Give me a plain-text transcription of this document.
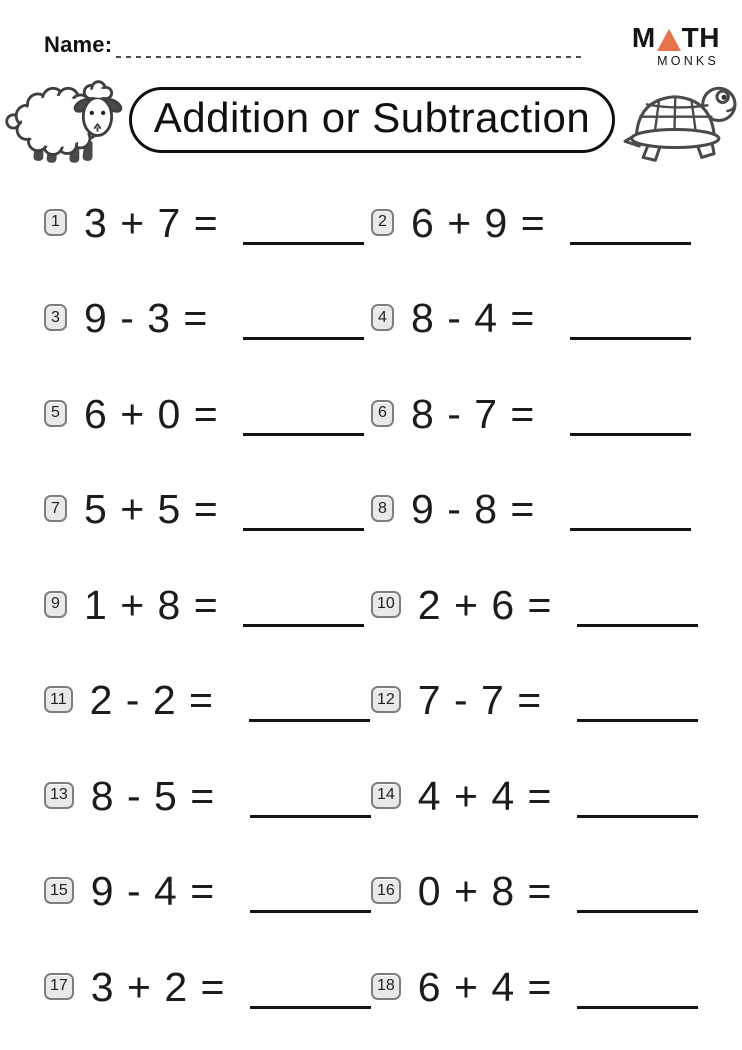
Name:	M TH
MONKS
Addition or Subtraction
1 3 + 7 =	2 6 + 9 =
3 9 - 3 =	4 8 - 4 =
5 6 + 0 =	6 8 - 7 =
7 5 + 5 =	8 9 - 8 =
9 1 + 8 =	10 2 + 6 =
11 2 - 2 =	12 7 - 7 =
13 8 - 5 =	14 4 + 4 =
15 9 - 4 =	16 0 + 8 =
17 3 + 2 =	18 6 + 4 =
